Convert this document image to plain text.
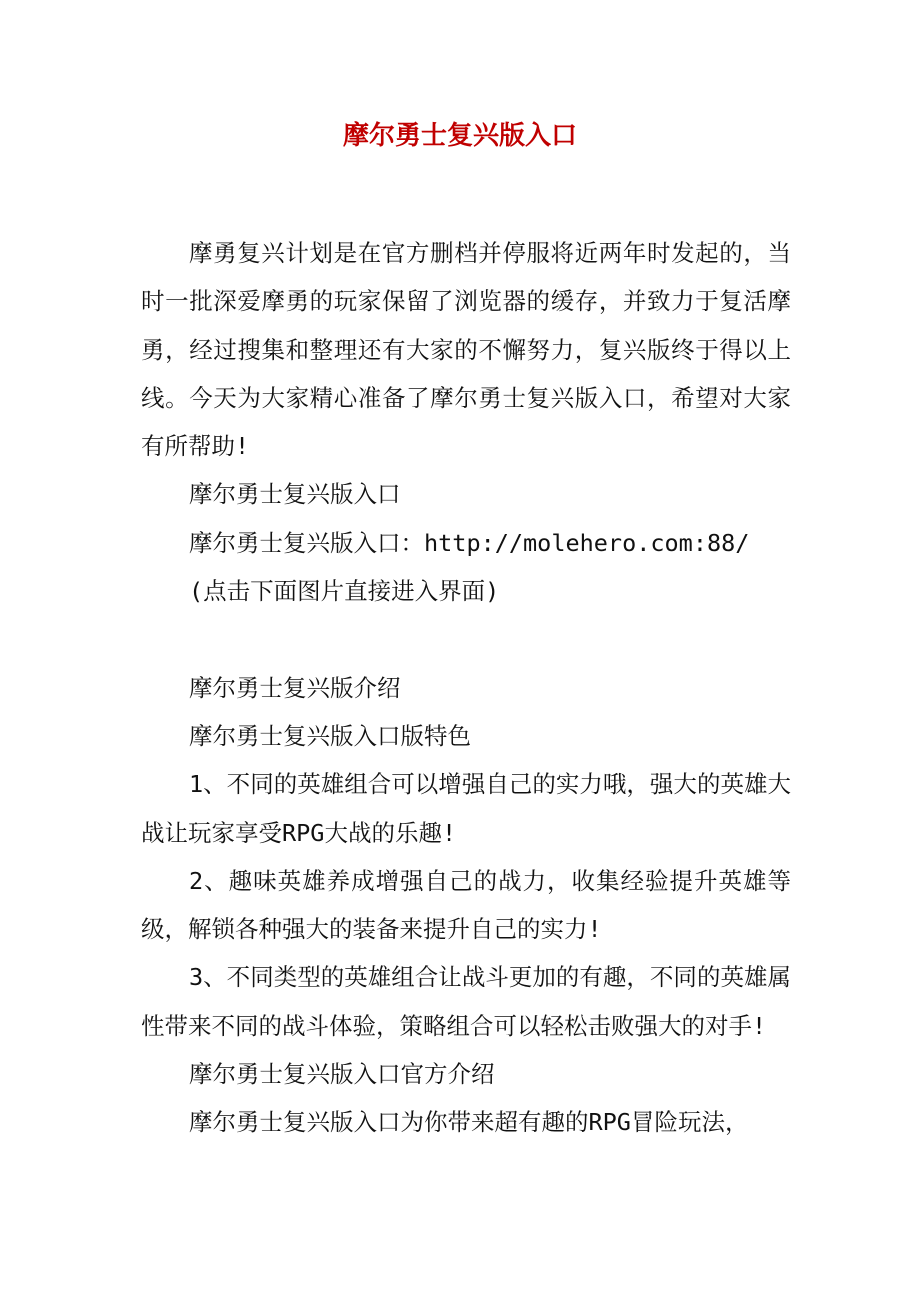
摩尔勇士复兴版入口

摩勇复兴计划是在官方删档并停服将近两年时发起的，当时一批深爱摩勇的玩家保留了浏览器的缓存，并致力于复活摩勇，经过搜集和整理还有大家的不懈努力，复兴版终于得以上线。今天为大家精心准备了摩尔勇士复兴版入口，希望对大家有所帮助!

摩尔勇士复兴版入口

摩尔勇士复兴版入口：http://molehero.com:88/

(点击下面图片直接进入界面)

摩尔勇士复兴版介绍

摩尔勇士复兴版入口版特色

1、不同的英雄组合可以增强自己的实力哦，强大的英雄大战让玩家享受RPG大战的乐趣!

2、趣味英雄养成增强自己的战力，收集经验提升英雄等级，解锁各种强大的装备来提升自己的实力!

3、不同类型的英雄组合让战斗更加的有趣，不同的英雄属性带来不同的战斗体验，策略组合可以轻松击败强大的对手!

摩尔勇士复兴版入口官方介绍

摩尔勇士复兴版入口为你带来超有趣的RPG冒险玩法，
